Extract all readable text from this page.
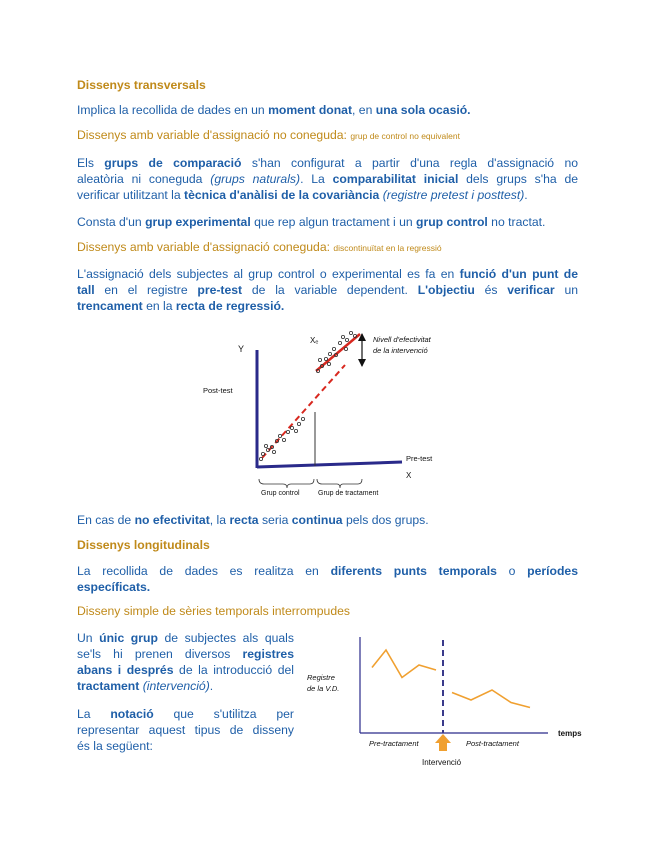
Dissenys transversals
Implica la recollida de dades en un moment donat, en una sola ocasió.
Dissenys amb variable d'assignació no coneguda: grup de control no equivalent
Els grups de comparació s'han configurat a partir d'una regla d'assignació no
aleatòria ni coneguda (grups naturals). La comparabilitat inicial dels grups s'ha de
verificar utilitzant la tècnica d'anàlisi de la covariància (registre pretest i posttest).
Consta d'un grup experimental que rep algun tractament i un grup control no tractat.
Dissenys amb variable d'assignació coneguda: discontinuïtat en la regressió
L'assignació dels subjectes al grup control o experimental es fa en funció d'un punt de
tall en el registre pre-test de la variable dependent. L'objectiu és verificar un
trencament en la recta de regressió.
Y
Post-test
Xₑ	Nivell d'efectivitat
de la intervenció
Pre-test
X
Grup control	Grup de tractament
En cas de no efectivitat, la recta seria continua pels dos grups.
Dissenys longitudinals
La recollida de dades es realitza en diferents punts temporals o períodes
específicats.
Disseny simple de sèries temporals interrompudes
Un únic grup de subjectes als quals
se'ls hi prenen diversos registres
abans i després de la introducció del
tractament (intervenció).
La notació que s'utilitza per
representar aquest tipus de disseny
és la següent:
Registre
de la V.D.
temps
Pre-tractament	Post-tractament
Intervenció
